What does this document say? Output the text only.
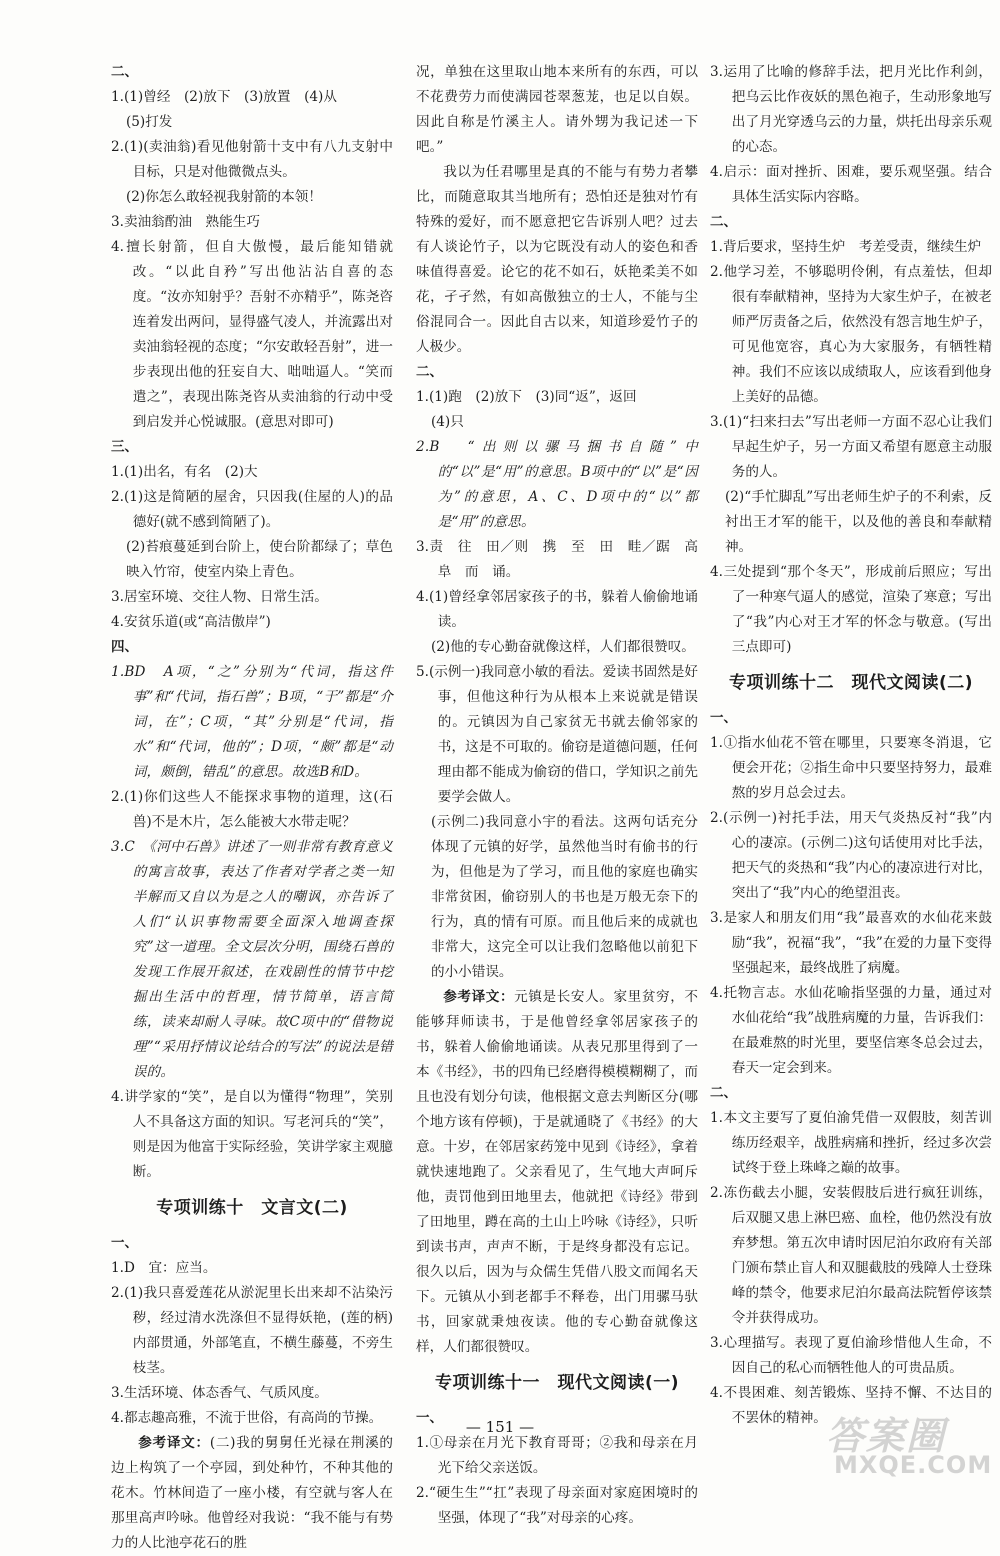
二、

1.(1)曾经　(2)放下　(3)放置　(4)从

(5)打发

2.(1)(卖油翁)看见他射箭十支中有八九支射中目标，只是对他微微点头。

(2)你怎么敢轻视我射箭的本领！

3.卖油翁酌油　熟能生巧

4.擅长射箭，但自大傲慢，最后能知错就改。“以此自矜”写出他沾沾自喜的态度。“汝亦知射乎？吾射不亦精乎”，陈尧咨连着发出两问，显得盛气凌人，并流露出对卖油翁轻视的态度；“尔安敢轻吾射”，进一步表现出他的狂妄自大、咄咄逼人。“笑而遣之”，表现出陈尧咨从卖油翁的行动中受到启发并心悦诚服。(意思对即可)

三、

1.(1)出名，有名　(2)大

2.(1)这是简陋的屋舍，只因我(住屋的人)的品德好(就不感到简陋了)。

(2)苔痕蔓延到台阶上，使台阶都绿了；草色映入竹帘，使室内染上青色。

3.居室环境、交往人物、日常生活。

4.安贫乐道(或“高洁傲岸”)

四、

1.BD　A项，“之”分别为“代词，指这件事”和“代词，指石兽”；B项，“于”都是“介词，在”；C项，“其”分别是“代词，指水”和“代词，他的”；D项，“颇”都是“动词，颇倒，错乱”的意思。故选B和D。

2.(1)你们这些人不能探求事物的道理，这(石兽)不是木片，怎么能被大水带走呢？

3.C　《河中石兽》讲述了一则非常有教育意义的寓言故事，表达了作者对学者之类一知半解而又自以为是之人的嘲讽，亦告诉了人们“认识事物需要全面深入地调查探究”这一道理。全文层次分明，围绕石兽的发现工作展开叙述，在戏剧性的情节中挖掘出生活中的哲理，情节简单，语言简练，读来却耐人寻味。故C项中的“借物说理”“采用抒情议论结合的写法”的说法是错误的。

4.讲学家的“笑”，是自以为懂得“物理”，笑别人不具备这方面的知识。写老河兵的“笑”，则是因为他富于实际经验，笑讲学家主观臆断。

专项训练十　文言文(二)

一、

1.D　宜：应当。

2.(1)我只喜爱莲花从淤泥里长出来却不沾染污秽，经过清水洗涤但不显得妖艳，(莲的柄)内部贯通，外部笔直，不横生藤蔓，不旁生枝茎。

3.生活环境、体态香气、气质风度。

4.都志趣高雅，不流于世俗，有高尚的节操。

参考译文：(二)我的舅舅任光禄在荆溪的边上构筑了一个亭园，到处种竹，不种其他的花木。竹林间造了一座小楼，有空就与客人在那里高声吟咏。他曾经对我说：“我不能与有势力的人比池亭花石的胜

况，单独在这里取山地本来所有的东西，可以不花费劳力而使满园苍翠葱茏，也足以自娱。因此自称是竹溪主人。请外甥为我记述一下吧。”

我以为任君哪里是真的不能与有势力者攀比，而随意取其当地所有；恐怕还是独对竹有特殊的爱好，而不愿意把它告诉别人吧？过去有人谈论竹子，以为它既没有动人的姿色和香味值得喜爱。论它的花不如石，妖艳柔美不如花，孑孑然，有如高傲独立的士人，不能与尘俗混同合一。因此自古以来，知道珍爱竹子的人极少。

二、

1.(1)跑　(2)放下　(3)同“返”，返回

(4)只

2.B　“出则以骡马捆书自随”中的“以”是“用”的意思。B项中的“以”是“因为”的意思，A、C、D项中的“以”都是“用”的意思。

3.责　往　田／则　携　至　田　畦／踞　高　阜　而　诵。

4.(1)曾经拿邻居家孩子的书，躲着人偷偷地诵读。

(2)他的专心勤奋就像这样，人们都很赞叹。

5.(示例一)我同意小敏的看法。爱读书固然是好事，但他这种行为从根本上来说就是错误的。元镇因为自己家贫无书就去偷邻家的书，这是不可取的。偷窃是道德问题，任何理由都不能成为偷窃的借口，学知识之前先要学会做人。

(示例二)我同意小宇的看法。这两句话充分体现了元镇的好学，虽然他当时有偷书的行为，但他是为了学习，而且他的家庭也确实非常贫困，偷窃别人的书也是万般无奈下的行为，真的情有可原。而且他后来的成就也非常大，这完全可以让我们忽略他以前犯下的小小错误。

参考译文：元镇是长安人。家里贫穷，不能够拜师读书，于是他曾经拿邻居家孩子的书，躲着人偷偷地诵读。从表兄那里得到了一本《书经》，书的四角已经磨得模模糊糊了，而且也没有划分句读，他根据文意去判断区分(哪个地方该有停顿)，于是就通晓了《书经》的大意。十岁，在邻居家药笼中见到《诗经》，拿着就快速地跑了。父亲看见了，生气地大声呵斥他，责罚他到田地里去，他就把《诗经》带到了田地里，蹲在高的土山上吟咏《诗经》，只听到读书声，声声不断，于是终身都没有忘记。很久以后，因为与众儒生凭借八股文而闻名天下。元镇从小到老都手不释卷，出门用骡马驮书，回家就秉烛夜读。他的专心勤奋就像这样，人们都很赞叹。

专项训练十一　现代文阅读(一)

一、

1.①母亲在月光下教育哥哥；②我和母亲在月光下给父亲送饭。

2.“硬生生”“扛”表现了母亲面对家庭困境时的坚强，体现了“我”对母亲的心疼。

3.运用了比喻的修辞手法，把月光比作利剑，把乌云比作夜妖的黑色袍子，生动形象地写出了月光穿透乌云的力量，烘托出母亲乐观的心态。

4.启示：面对挫折、困难，要乐观坚强。结合具体生活实际内容略。

二、

1.背后要求，坚持生炉　考差受责，继续生炉

2.他学习差，不够聪明伶俐，有点羞怯，但却很有奉献精神，坚持为大家生炉子，在被老师严厉责备之后，依然没有怨言地生炉子，可见他宽容，真心为大家服务，有牺牲精神。我们不应该以成绩取人，应该看到他身上美好的品德。

3.(1)“扫来扫去”写出老师一方面不忍心让我们早起生炉子，另一方面又希望有愿意主动服务的人。

(2)“手忙脚乱”写出老师生炉子的不利索，反衬出王才军的能干，以及他的善良和奉献精神。

4.三处提到“那个冬天”，形成前后照应；写出了一种寒气逼人的感觉，渲染了寒意；写出了“我”内心对王才军的怀念与敬意。(写出三点即可)

专项训练十二　现代文阅读(二)

一、

1.①指水仙花不管在哪里，只要寒冬消退，它便会开花；②指生命中只要坚持努力，最难熬的岁月总会过去。

2.(示例一)衬托手法，用天气炎热反衬“我”内心的凄凉。(示例二)这句话使用对比手法，把天气的炎热和“我”内心的凄凉进行对比，突出了“我”内心的绝望沮丧。

3.是家人和朋友们用“我”最喜欢的水仙花来鼓励“我”，祝福“我”，“我”在爱的力量下变得坚强起来，最终战胜了病魔。

4.托物言志。水仙花喻指坚强的力量，通过对水仙花给“我”战胜病魔的力量，告诉我们：在最难熬的时光里，要坚信寒冬总会过去，春天一定会到来。

二、

1.本文主要写了夏伯渝凭借一双假肢，刻苦训练历经艰辛，战胜病痛和挫折，经过多次尝试终于登上珠峰之巅的故事。

2.冻伤截去小腿，安装假肢后进行疯狂训练，后双腿又患上淋巴癌、血栓，他仍然没有放弃梦想。第五次申请时因尼泊尔政府有关部门颁布禁止盲人和双腿截肢的残障人士登珠峰的禁令，他要求尼泊尔最高法院暂停该禁令并获得成功。

3.心理描写。表现了夏伯渝珍惜他人生命，不因自己的私心而牺牲他人的可贵品质。

4.不畏困难、刻苦锻炼、坚持不懈、不达目的不罢休的精神。

— 151 —	答案圈
MXQE.COM
